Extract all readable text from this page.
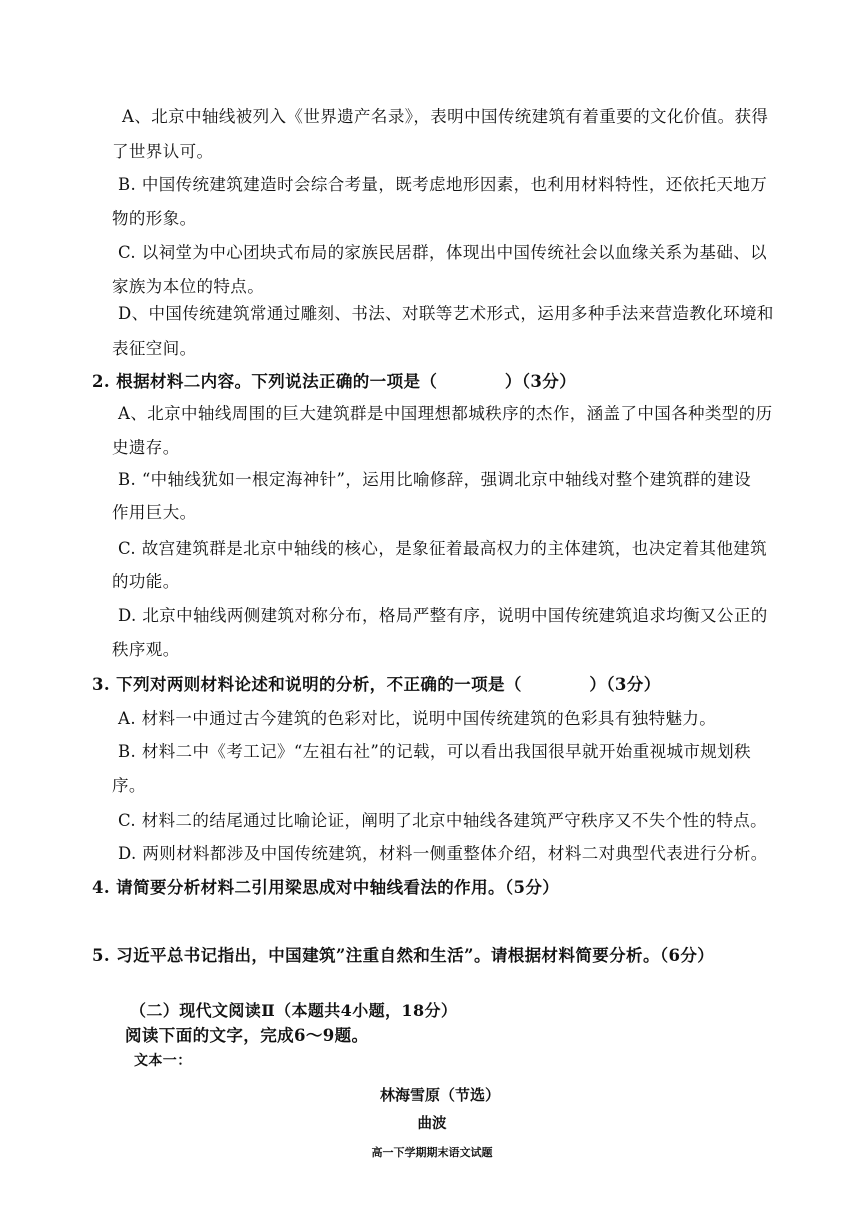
A、北京中轴线被列入《世界遗产名录》，表明中国传统建筑有着重要的文化价值。获得
了世界认可。
B. 中国传统建筑建造时会综合考量，既考虑地形因素，也利用材料特性，还依托天地万
物的形象。
C. 以祠堂为中心团块式布局的家族民居群，体现出中国传统社会以血缘关系为基础、以
家族为本位的特点。
D、中国传统建筑常通过雕刻、书法、对联等艺术形式，运用多种手法来营造教化环境和
表征空间。
2. 根据材料二内容。下列说法正确的一项是（　　　　）（3分）
A、北京中轴线周围的巨大建筑群是中国理想都城秩序的杰作，涵盖了中国各种类型的历
史遗存。
B. “中轴线犹如一根定海神针”，运用比喻修辞，强调北京中轴线对整个建筑群的建设
作用巨大。
C. 故宫建筑群是北京中轴线的核心，是象征着最高权力的主体建筑，也决定着其他建筑
的功能。
D. 北京中轴线两侧建筑对称分布，格局严整有序，说明中国传统建筑追求均衡又公正的
秩序观。
3. 下列对两则材料论述和说明的分析，不正确的一项是（　　　　）（3分）
A. 材料一中通过古今建筑的色彩对比，说明中国传统建筑的色彩具有独特魅力。
B. 材料二中《考工记》“左祖右社”的记载，可以看出我国很早就开始重视城市规划秩
序。
C. 材料二的结尾通过比喻论证，阐明了北京中轴线各建筑严守秩序又不失个性的特点。
D. 两则材料都涉及中国传统建筑，材料一侧重整体介绍，材料二对典型代表进行分析。
4. 请简要分析材料二引用梁思成对中轴线看法的作用。（5分）
5. 习近平总书记指出，中国建筑”注重自然和生活”。请根据材料简要分析。（6分）
（二）现代文阅读Ⅱ（本题共4小题，18分）
阅读下面的文字，完成6～9题。
文本一：
林海雪原（节选）
曲波
高一下学期期末语文试题
